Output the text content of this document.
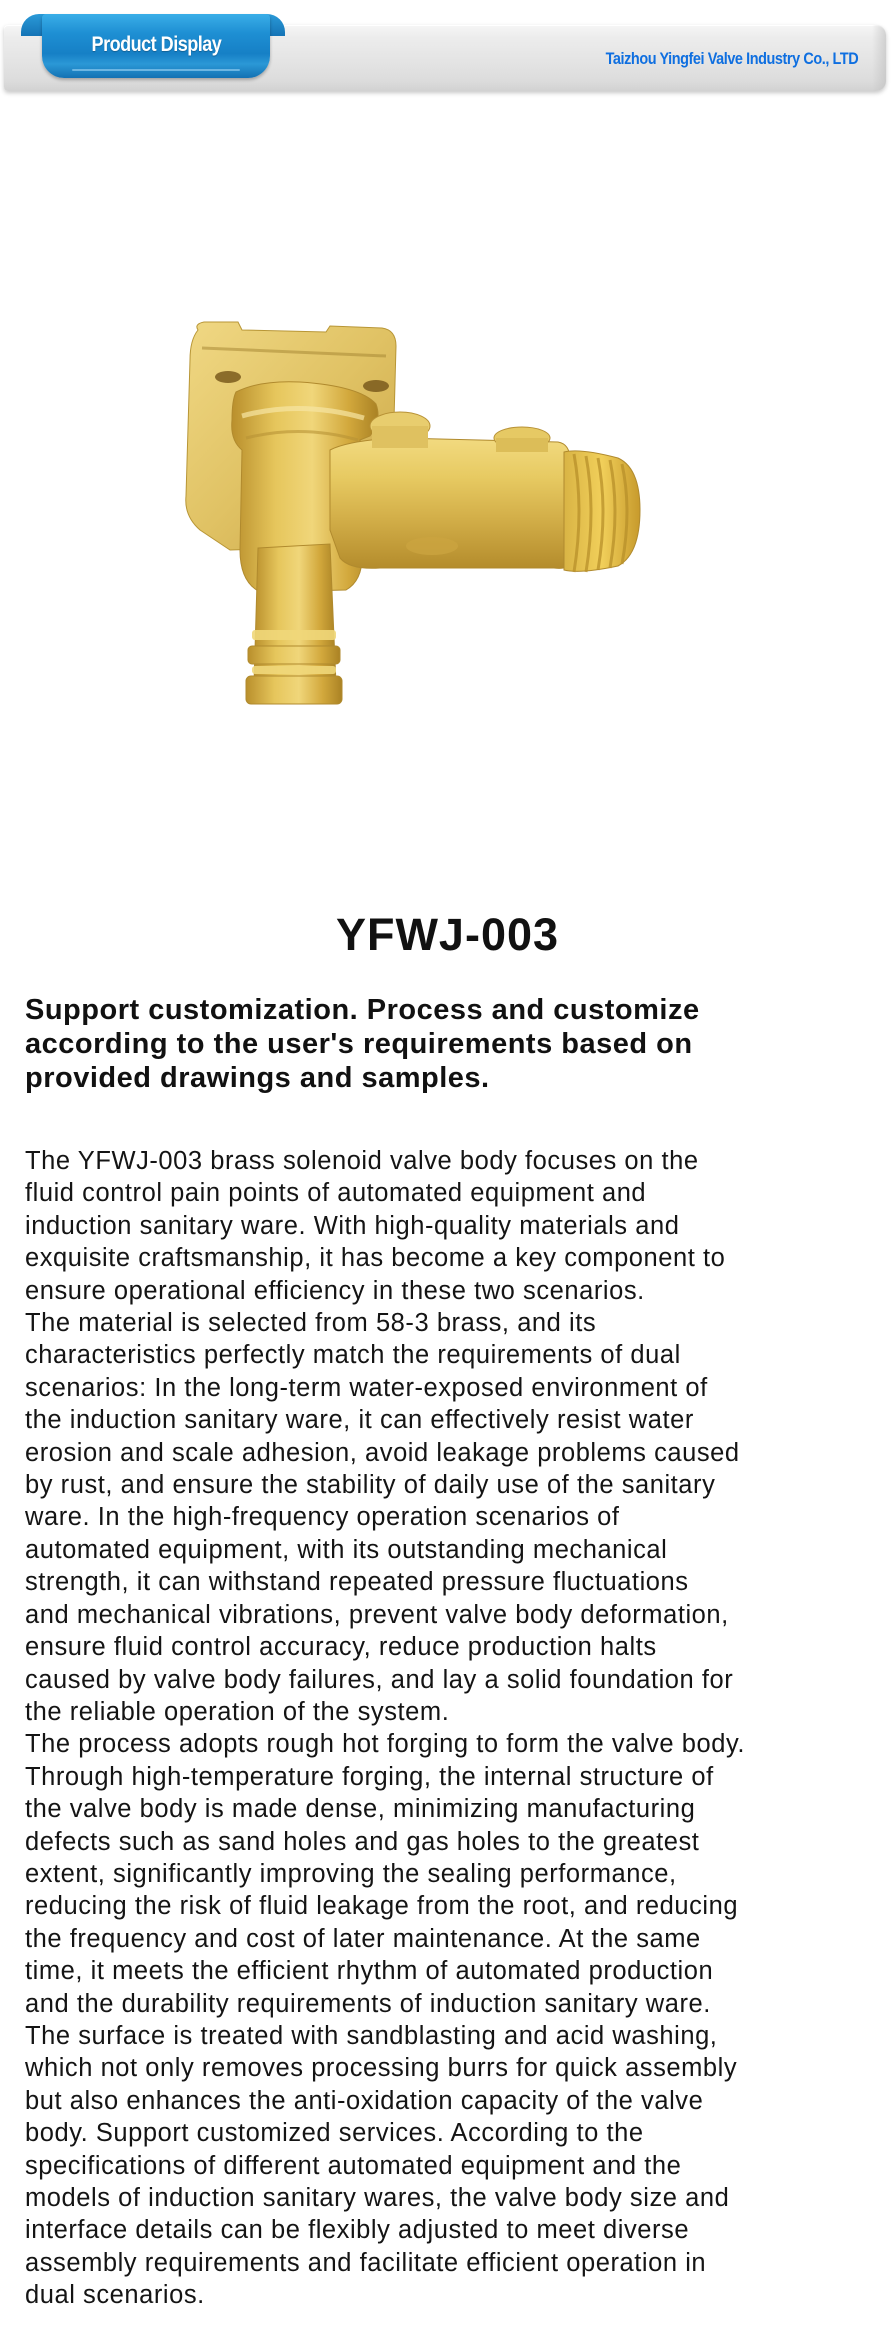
Taizhou Yingfei Valve Industry Co., LTD
Product Display
YFWJ-003
Support customization. Process and customize
according to the user's requirements based on
provided drawings and samples.
The YFWJ-003 brass solenoid valve body focuses on the
fluid control pain points of automated equipment and
induction sanitary ware. With high-quality materials and
exquisite craftsmanship, it has become a key component to
ensure operational efficiency in these two scenarios.
The material is selected from 58-3 brass, and its
characteristics perfectly match the requirements of dual
scenarios: In the long-term water-exposed environment of
the induction sanitary ware, it can effectively resist water
erosion and scale adhesion, avoid leakage problems caused
by rust, and ensure the stability of daily use of the sanitary
ware. In the high-frequency operation scenarios of
automated equipment, with its outstanding mechanical
strength, it can withstand repeated pressure fluctuations
and mechanical vibrations, prevent valve body deformation,
ensure fluid control accuracy, reduce production halts
caused by valve body failures, and lay a solid foundation for
the reliable operation of the system.
The process adopts rough hot forging to form the valve body.
Through high-temperature forging, the internal structure of
the valve body is made dense, minimizing manufacturing
defects such as sand holes and gas holes to the greatest
extent, significantly improving the sealing performance,
reducing the risk of fluid leakage from the root, and reducing
the frequency and cost of later maintenance. At the same
time, it meets the efficient rhythm of automated production
and the durability requirements of induction sanitary ware.
The surface is treated with sandblasting and acid washing,
which not only removes processing burrs for quick assembly
but also enhances the anti-oxidation capacity of the valve
body. Support customized services. According to the
specifications of different automated equipment and the
models of induction sanitary wares, the valve body size and
interface details can be flexibly adjusted to meet diverse
assembly requirements and facilitate efficient operation in
dual scenarios.
